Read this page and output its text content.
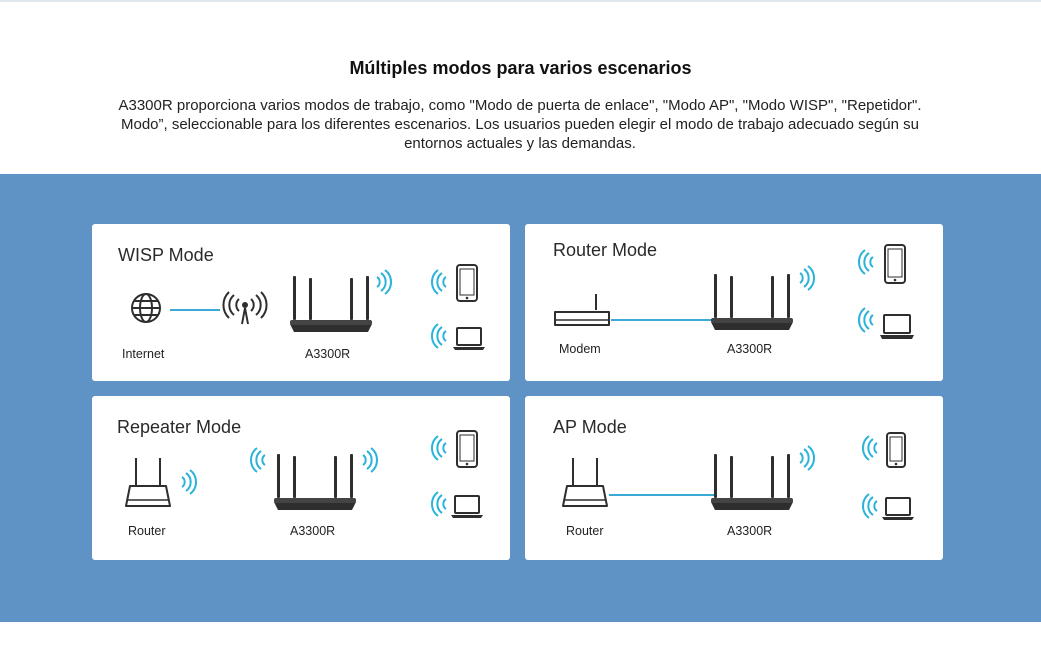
Múltiples modos para varios escenarios
A3300R proporciona varios modos de trabajo, como "Modo de puerta de enlace", "Modo AP", "Modo WISP", "Repetidor".
Modo”, seleccionable para los diferentes escenarios. Los usuarios pueden elegir el modo de trabajo adecuado según su
entornos actuales y las demandas.
WISP Mode
Internet	A3300R
Router Mode
Modem	A3300R
Repeater Mode
Router	A3300R
AP Mode
Router	A3300R
